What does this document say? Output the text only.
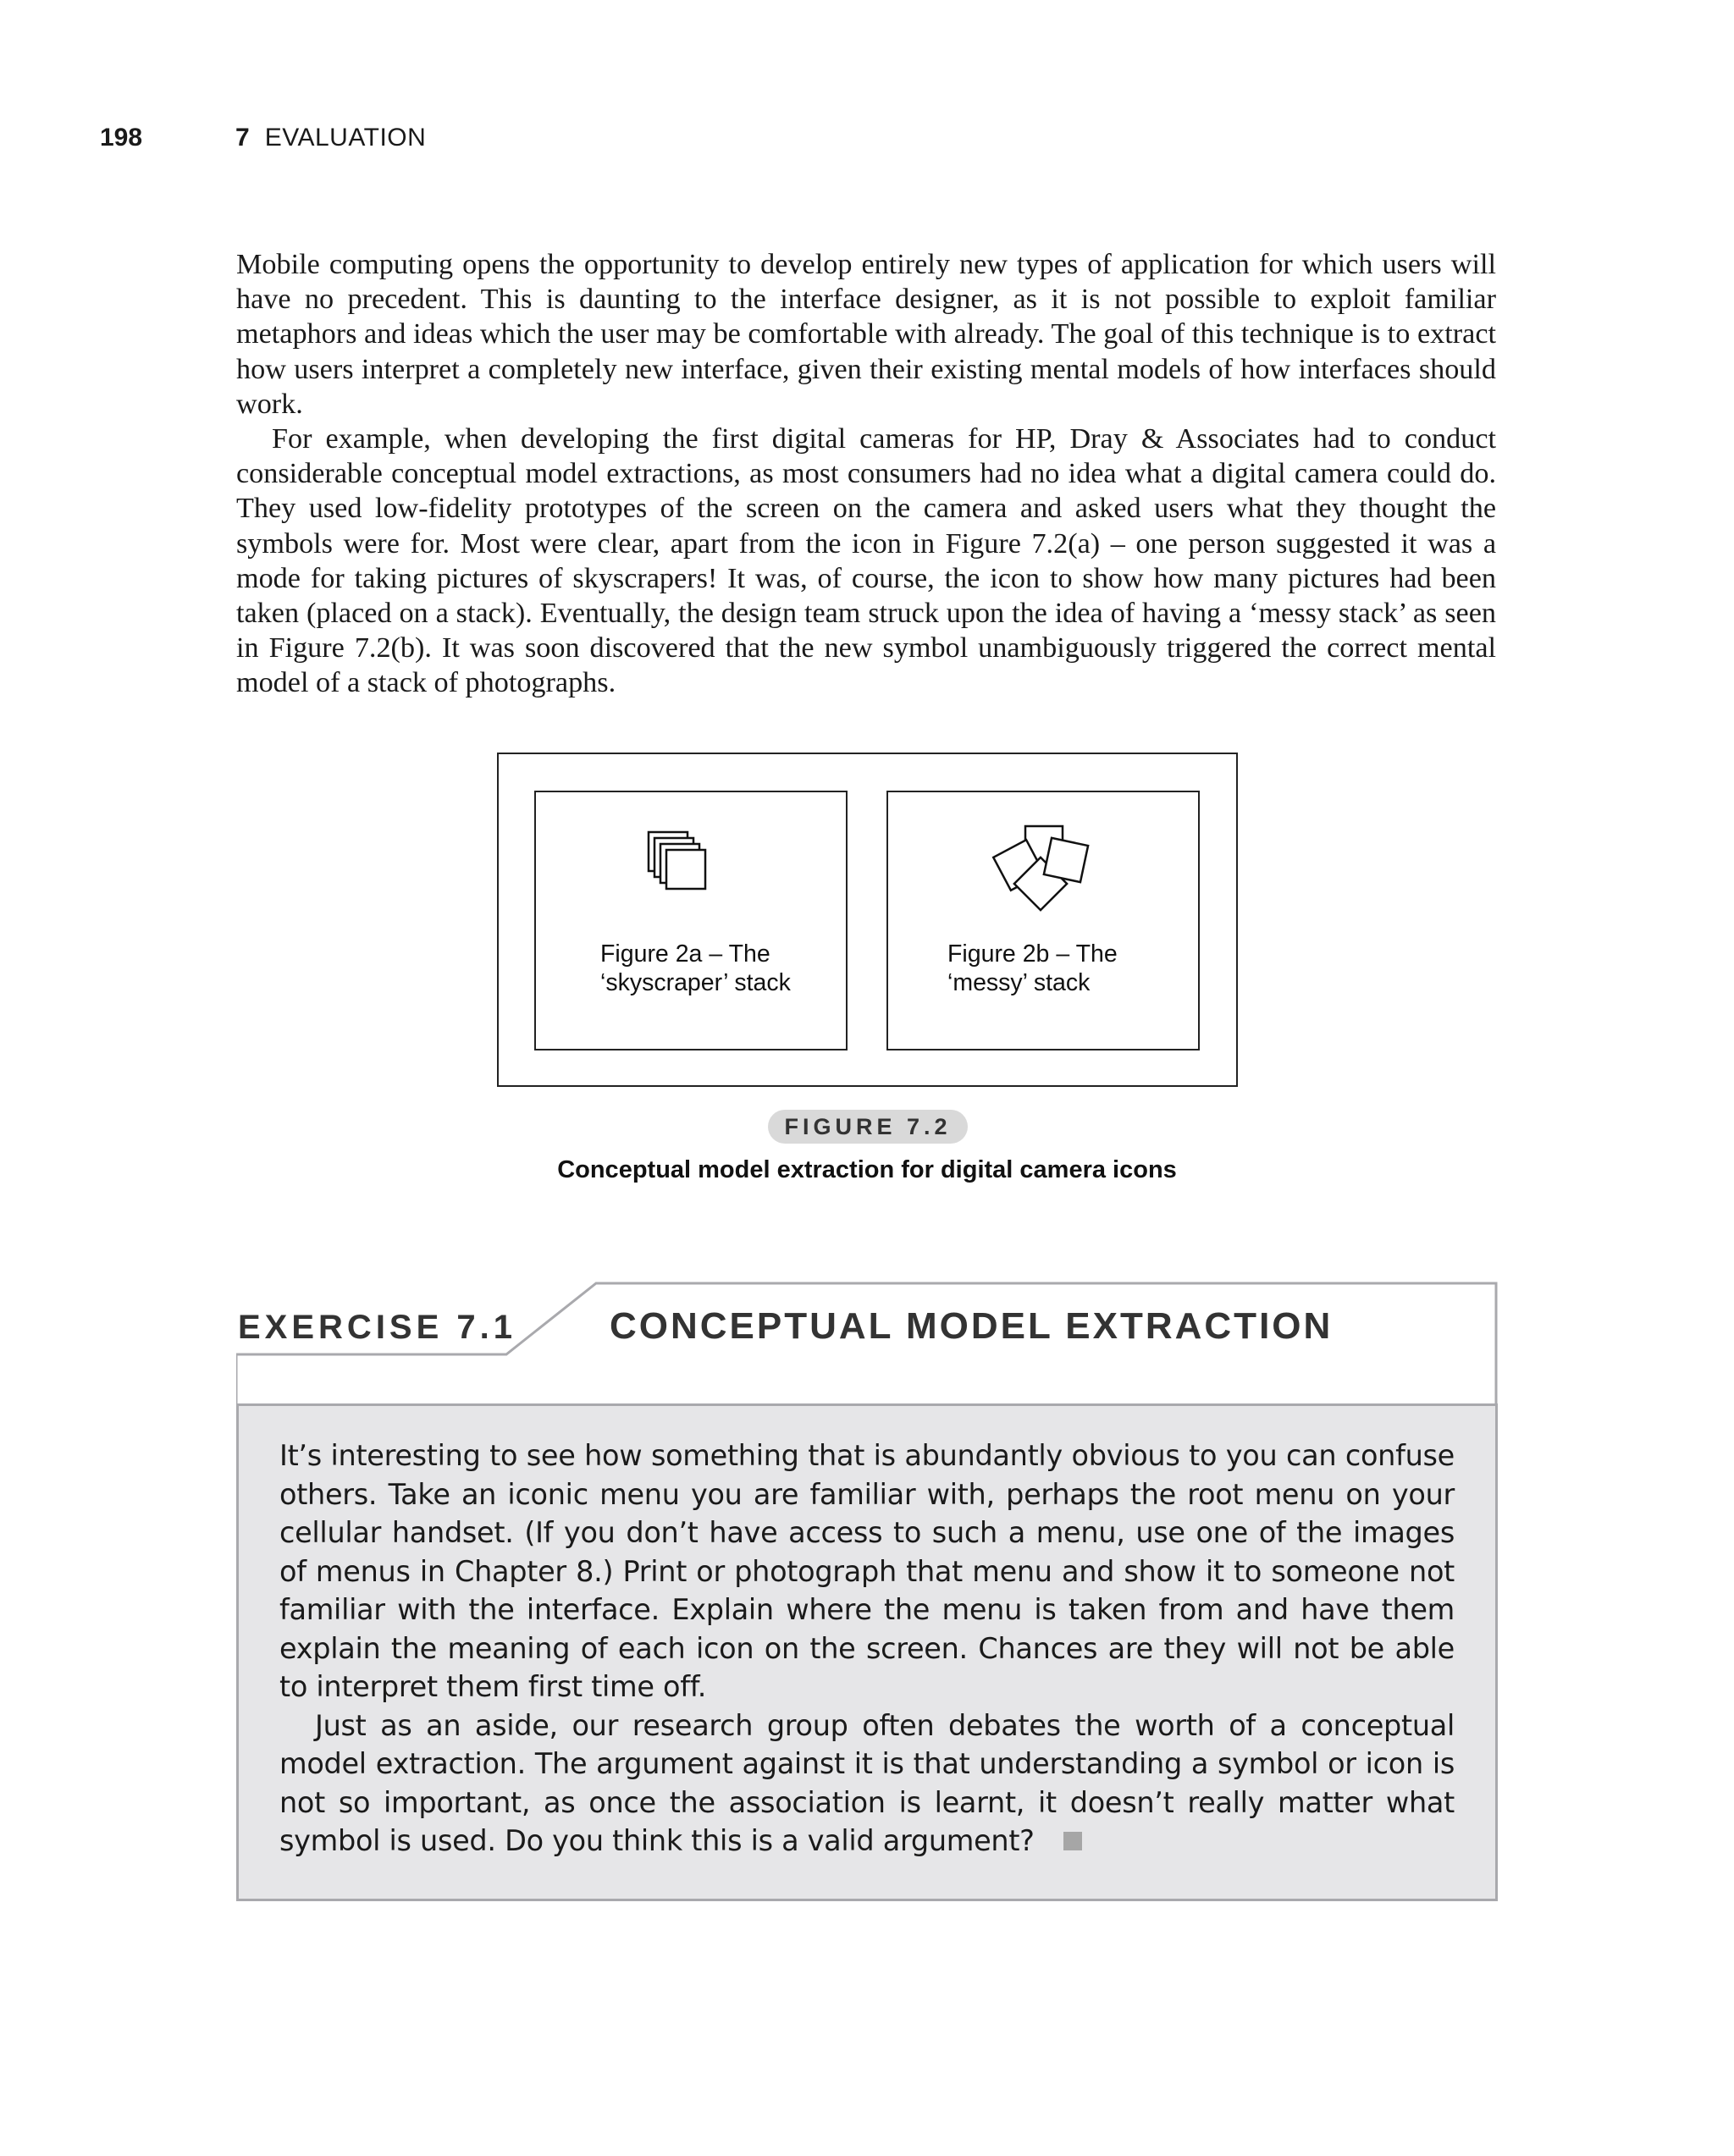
198	7 EVALUATION

Mobile computing opens the opportunity to develop entirely new types of application for which users will have no precedent. This is daunting to the interface designer, as it is not possible to exploit familiar metaphors and ideas which the user may be comfortable with already. The goal of this technique is to extract how users interpret a completely new interface, given their existing mental models of how interfaces should work.

For example, when developing the first digital cameras for HP, Dray & Associates had to conduct considerable conceptual model extractions, as most consumers had no idea what a digital camera could do. They used low-fidelity prototypes of the screen on the camera and asked users what they thought the symbols were for. Most were clear, apart from the icon in Figure 7.2(a) – one person suggested it was a mode for taking pictures of skyscrapers! It was, of course, the icon to show how many pictures had been taken (placed on a stack). Eventually, the design team struck upon the idea of having a ‘messy stack’ as seen in Figure 7.2(b). It was soon discovered that the new symbol unambiguously triggered the correct mental model of a stack of photographs.

Figure 2a – The
‘skyscraper’ stack
Figure 2b – The
‘messy’ stack
FIGURE 7.2
Conceptual model extraction for digital camera icons
EXERCISE 7.1 CONCEPTUAL MODEL EXTRACTION

It’s interesting to see how something that is abundantly obvious to you can confuse others. Take an iconic menu you are familiar with, perhaps the root menu on your cellular handset. (If you don’t have access to such a menu, use one of the images of menus in Chapter 8.) Print or photograph that menu and show it to someone not familiar with the interface. Explain where the menu is taken from and have them explain the meaning of each icon on the screen. Chances are they will not be able to interpret them first time off.

Just as an aside, our research group often debates the worth of a conceptual model extraction. The argument against it is that understanding a symbol or icon is not so important, as once the association is learnt, it doesn’t really matter what symbol is used. Do you think this is a valid argument?
